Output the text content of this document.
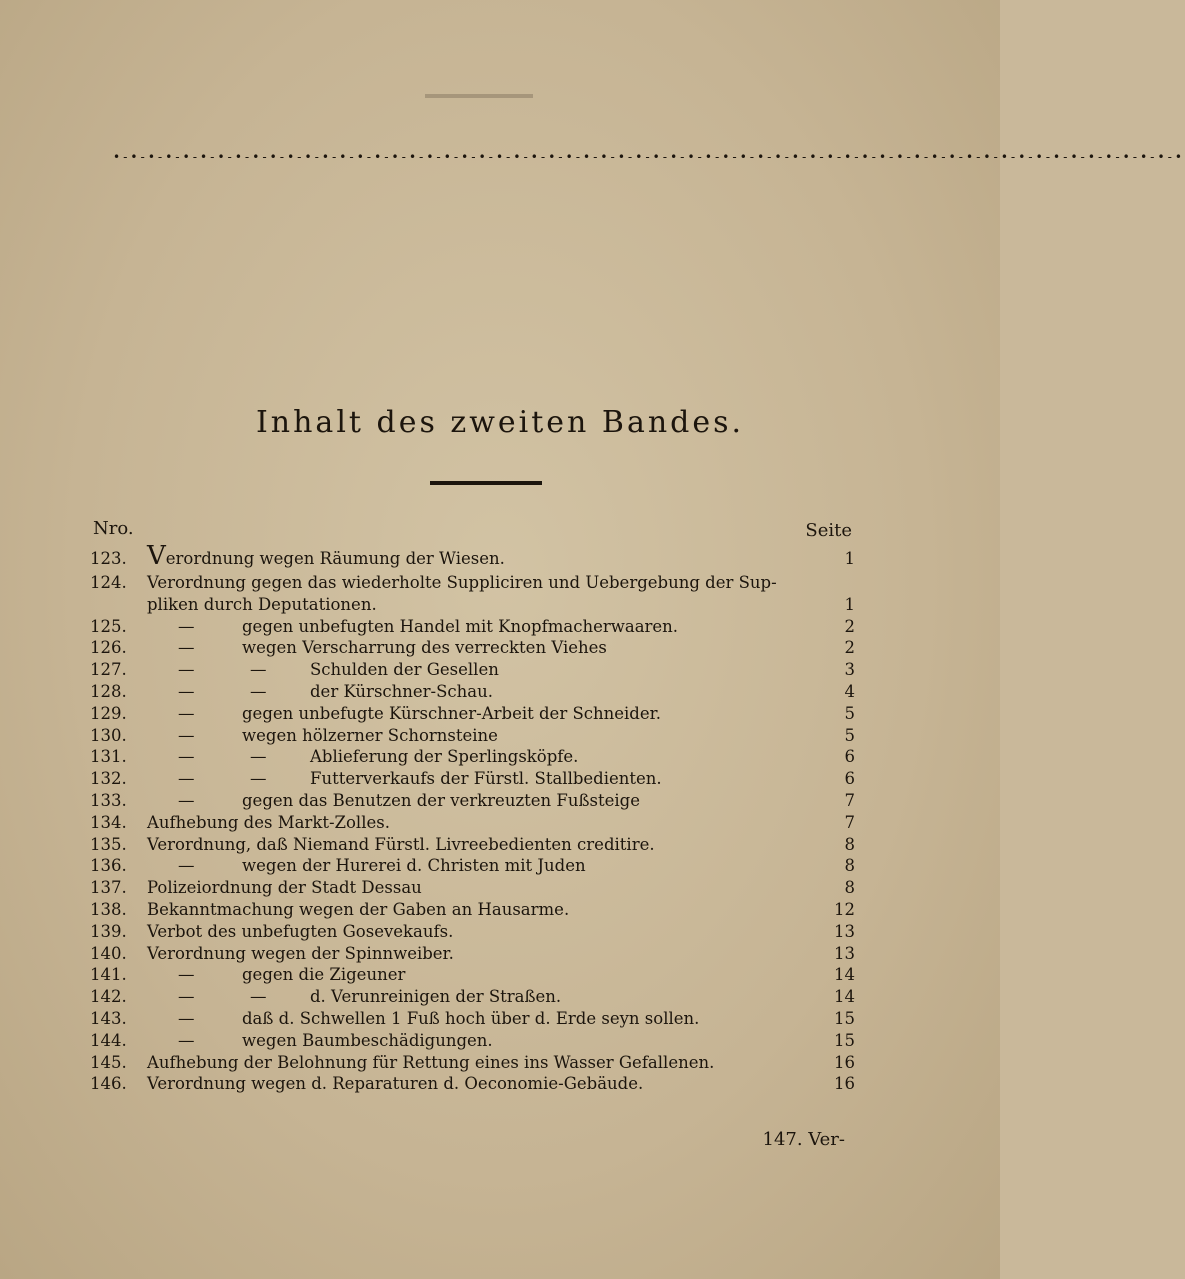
•-•-•-•-•-•-•-•-•-•-•-•-•-•-•-•-•-•-•-•-•-•-•-•-•-•-•-•-•-•-•-•-•-•-•-•-•-•-•-•-•-•-•-•-•-•-•-•-•-•-•-•-•-•-•-•-•-•-•-•-•-•
Inhalt des zweiten Bandes.
Nro.	Seite
123. Verordnung wegen Räumung der Wiesen.	1
124.	Verordnung gegen das wiederholte Suppliciren und Uebergebung der Sup-
pliken durch Deputationen.	1
125.	—	gegen unbefugten Handel mit Knopfmacherwaaren.	2
126.	—	wegen Verscharrung des verreckten Viehes	2
127.	—	—	Schulden der Gesellen	3
128.	—	—	der Kürschner-Schau.	4
129.	—	gegen unbefugte Kürschner-Arbeit der Schneider.	5
130.	—	wegen hölzerner Schornsteine	5
131.	—	—	Ablieferung der Sperlingsköpfe.	6
132.	—	—	Futterverkaufs der Fürstl. Stallbedienten.	6
133.	—	gegen das Benutzen der verkreuzten Fußsteige	7
134.	Aufhebung des Markt-Zolles.	7
135.	Verordnung, daß Niemand Fürstl. Livreebedienten creditire.	8
136.	—	wegen der Hurerei d. Christen mit Juden	8
137.	Polizeiordnung der Stadt Dessau	8
138.	Bekanntmachung wegen der Gaben an Hausarme.	12
139.	Verbot des unbefugten Gosevekaufs.	13
140.	Verordnung wegen der Spinnweiber.	13
141.	—	gegen die Zigeuner	14
142.	—	—	d. Verunreinigen der Straßen.	14
143.	—	daß d. Schwellen 1 Fuß hoch über d. Erde seyn sollen.	15
144.	—	wegen Baumbeschädigungen.	15
145.	Aufhebung der Belohnung für Rettung eines ins Wasser Gefallenen.	16
146.	Verordnung wegen d. Reparaturen d. Oeconomie-Gebäude.	16
147. Ver-
